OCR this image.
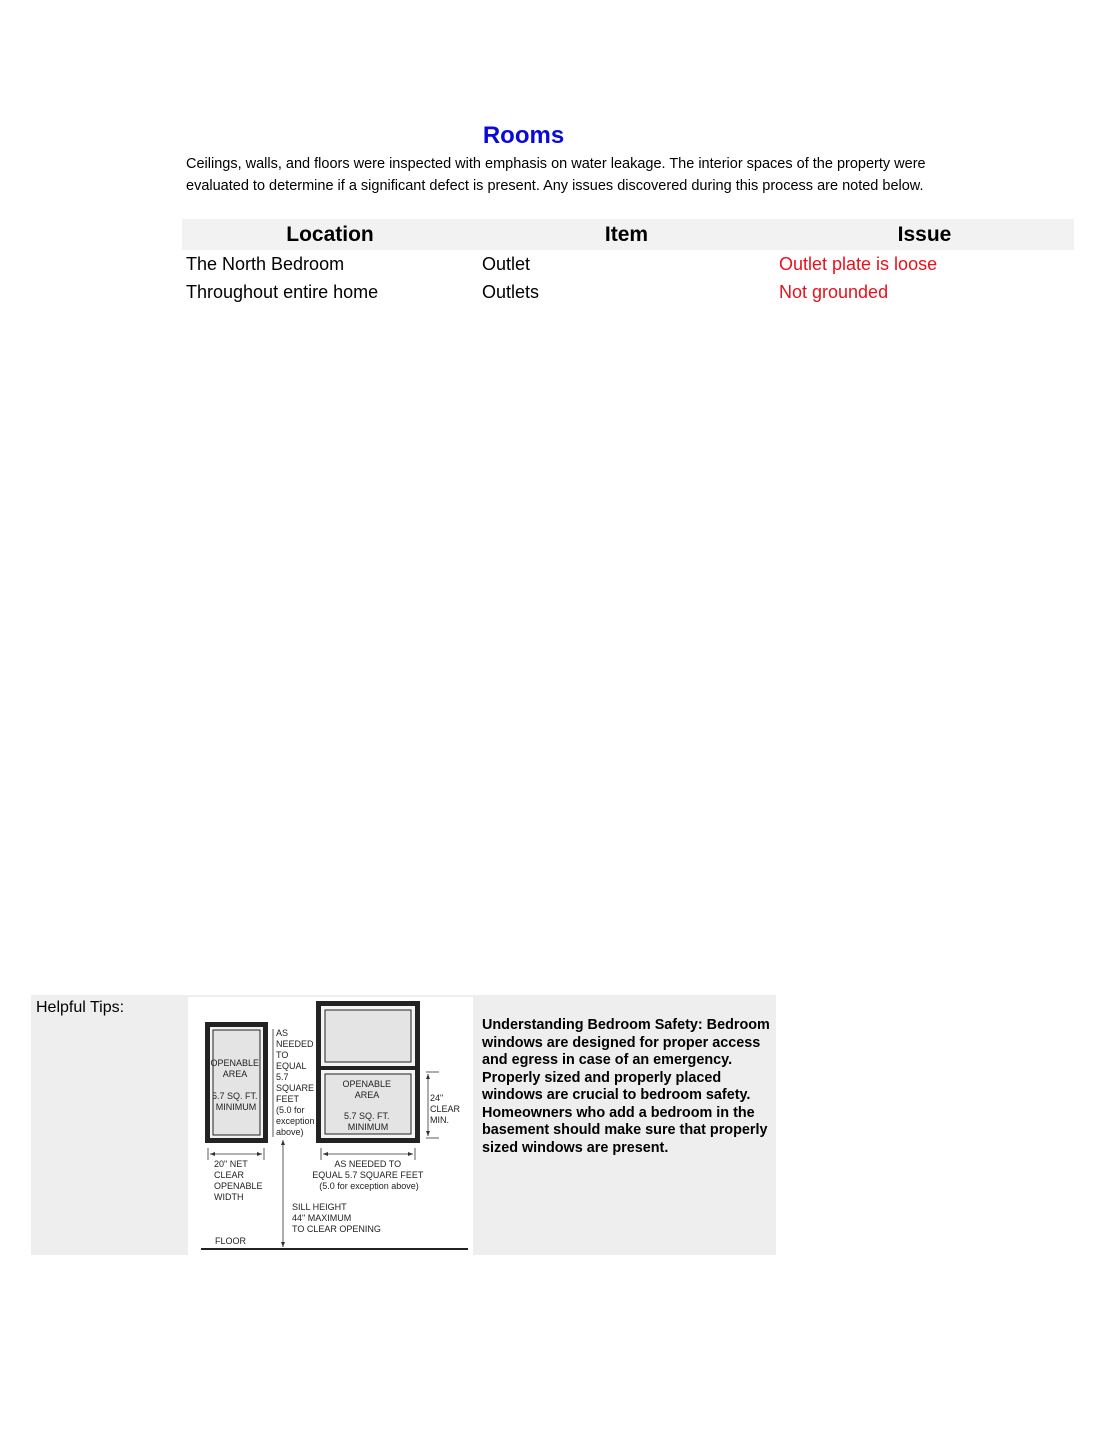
Rooms
Ceilings, walls, and floors were inspected with emphasis on water leakage. The interior spaces of the property were evaluated to determine if a significant defect is present. Any issues discovered during this process are noted below.
Location	Item	Issue
The North Bedroom	Outlet	Outlet plate is loose
Throughout entire home	Outlets	Not grounded
Helpful Tips:
OPENABLE AREA 5.7 SQ. FT. MINIMUM
AS NEEDED TO EQUAL 5.7 SQUARE FEET (5.0 for exception above)
OPENABLE AREA 5.7 SQ. FT. MINIMUM
24" CLEAR MIN.
20" NET CLEAR OPENABLE WIDTH
AS NEEDED TO EQUAL 5.7 SQUARE FEET (5.0 for exception above)
SILL HEIGHT 44" MAXIMUM TO CLEAR OPENING
FLOOR
Understanding Bedroom Safety: Bedroom windows are designed for proper access and egress in case of an emergency. Properly sized and properly placed windows are crucial to bedroom safety. Homeowners who add a bedroom in the basement should make sure that properly sized windows are present.
